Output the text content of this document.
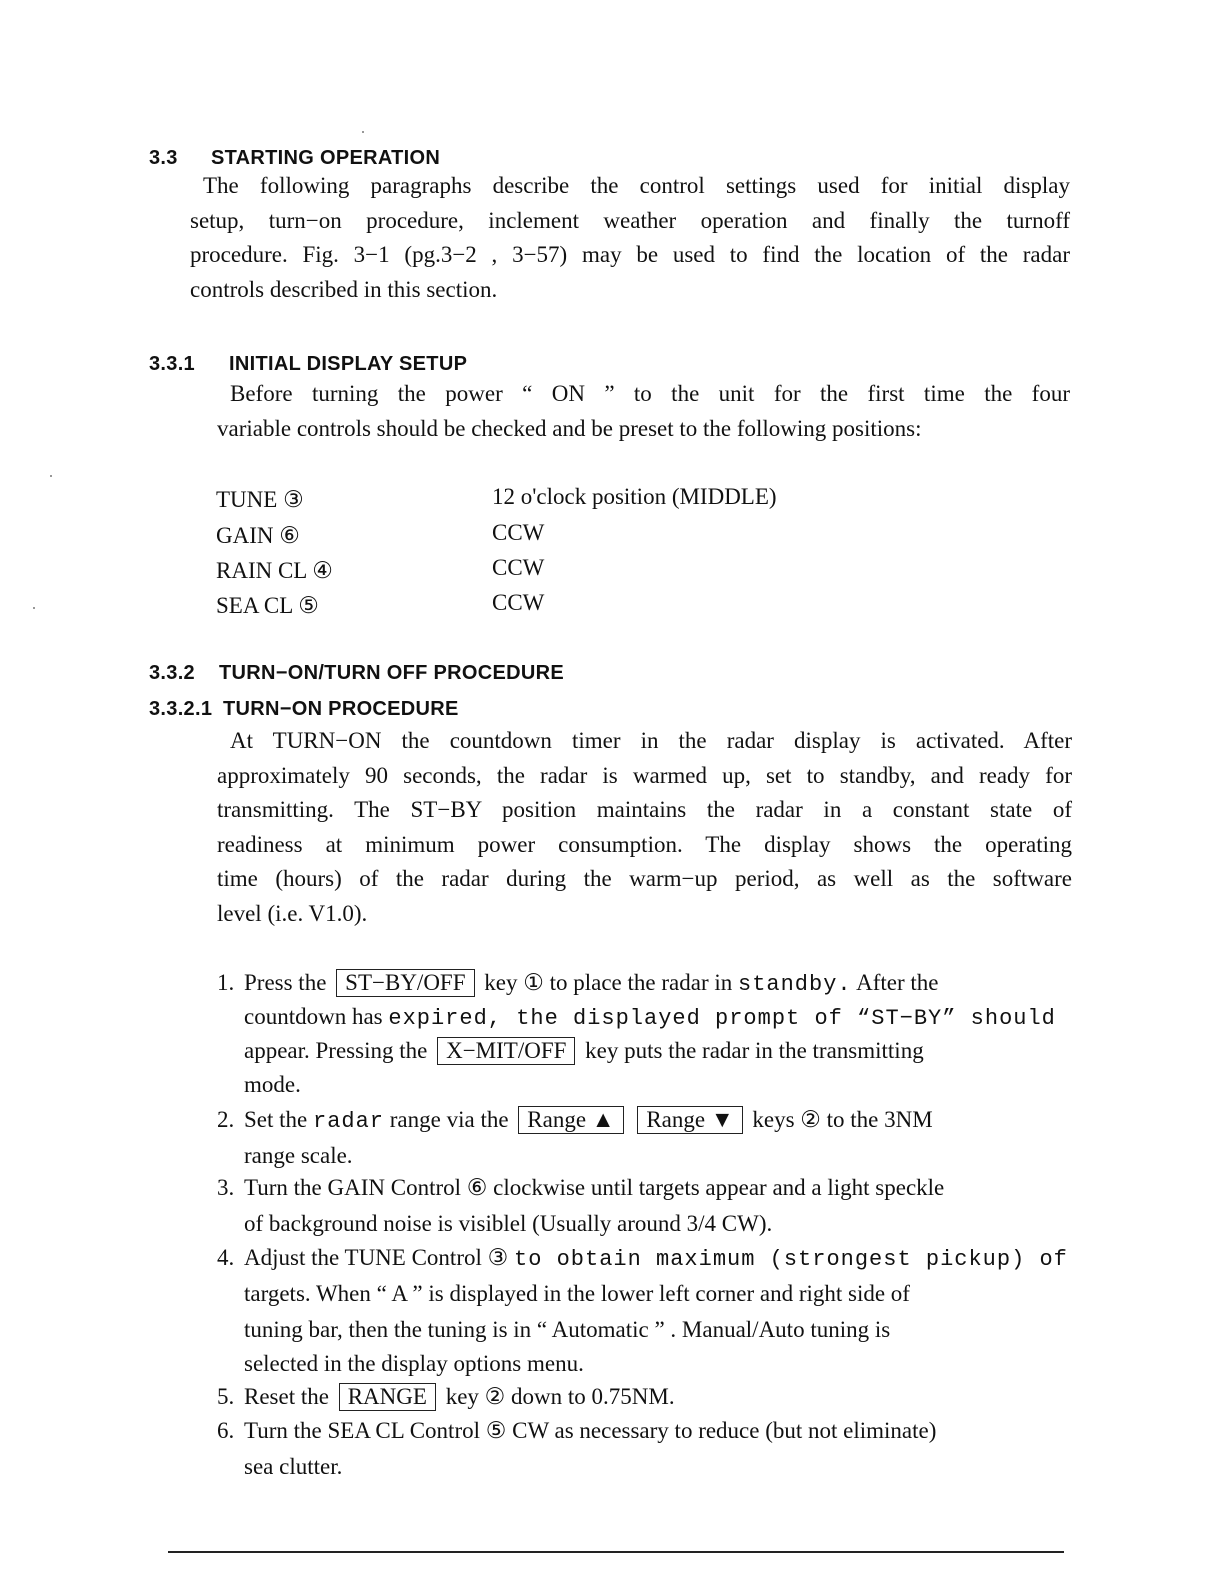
3.3 STARTING OPERATION
The following paragraphs describe the control settings used for initial display
setup, turn−on procedure, inclement weather operation and finally the turnoff
procedure. Fig. 3−1 (pg.3−2 , 3−57) may be used to find the location of the radar
controls described in this section.
3.3.1 INITIAL DISPLAY SETUP
Before turning the power “ ON ” to the unit for the first time the four
variable controls should be checked and be preset to the following positions:
TUNE ③	12 o'clock position (MIDDLE)
GAIN ⑥	CCW
RAIN CL ④	CCW
SEA CL ⑤	CCW
3.3.2 TURN−ON/TURN OFF PROCEDURE
3.3.2.1 TURN−ON PROCEDURE
At TURN−ON the countdown timer in the radar display is activated. After
approximately 90 seconds, the radar is warmed up, set to standby, and ready for
transmitting. The ST−BY position maintains the radar in a constant state of
readiness at minimum power consumption. The display shows the operating
time (hours) of the radar during the warm−up period, as well as the software
level (i.e. V1.0).
1. Press the ST−BY/OFF key ① to place the radar in standby. After the
countdown has expired, the displayed prompt of “ST−BY” should
appear. Pressing the X−MIT/OFF key puts the radar in the transmitting
mode.
2. Set the radar range via the Range ▲ Range ▼ keys ② to the 3NM
range scale.
3. Turn the GAIN Control ⑥ clockwise until targets appear and a light speckle
of background noise is visiblel (Usually around 3/4 CW).
4. Adjust the TUNE Control ③ to obtain maximum (strongest pickup) of
targets. When “ A ” is displayed in the lower left corner and right side of
tuning bar, then the tuning is in “ Automatic ” . Manual/Auto tuning is
selected in the display options menu.
5. Reset the RANGE key ② down to 0.75NM.
6. Turn the SEA CL Control ⑤ CW as necessary to reduce (but not eliminate)
sea clutter.
